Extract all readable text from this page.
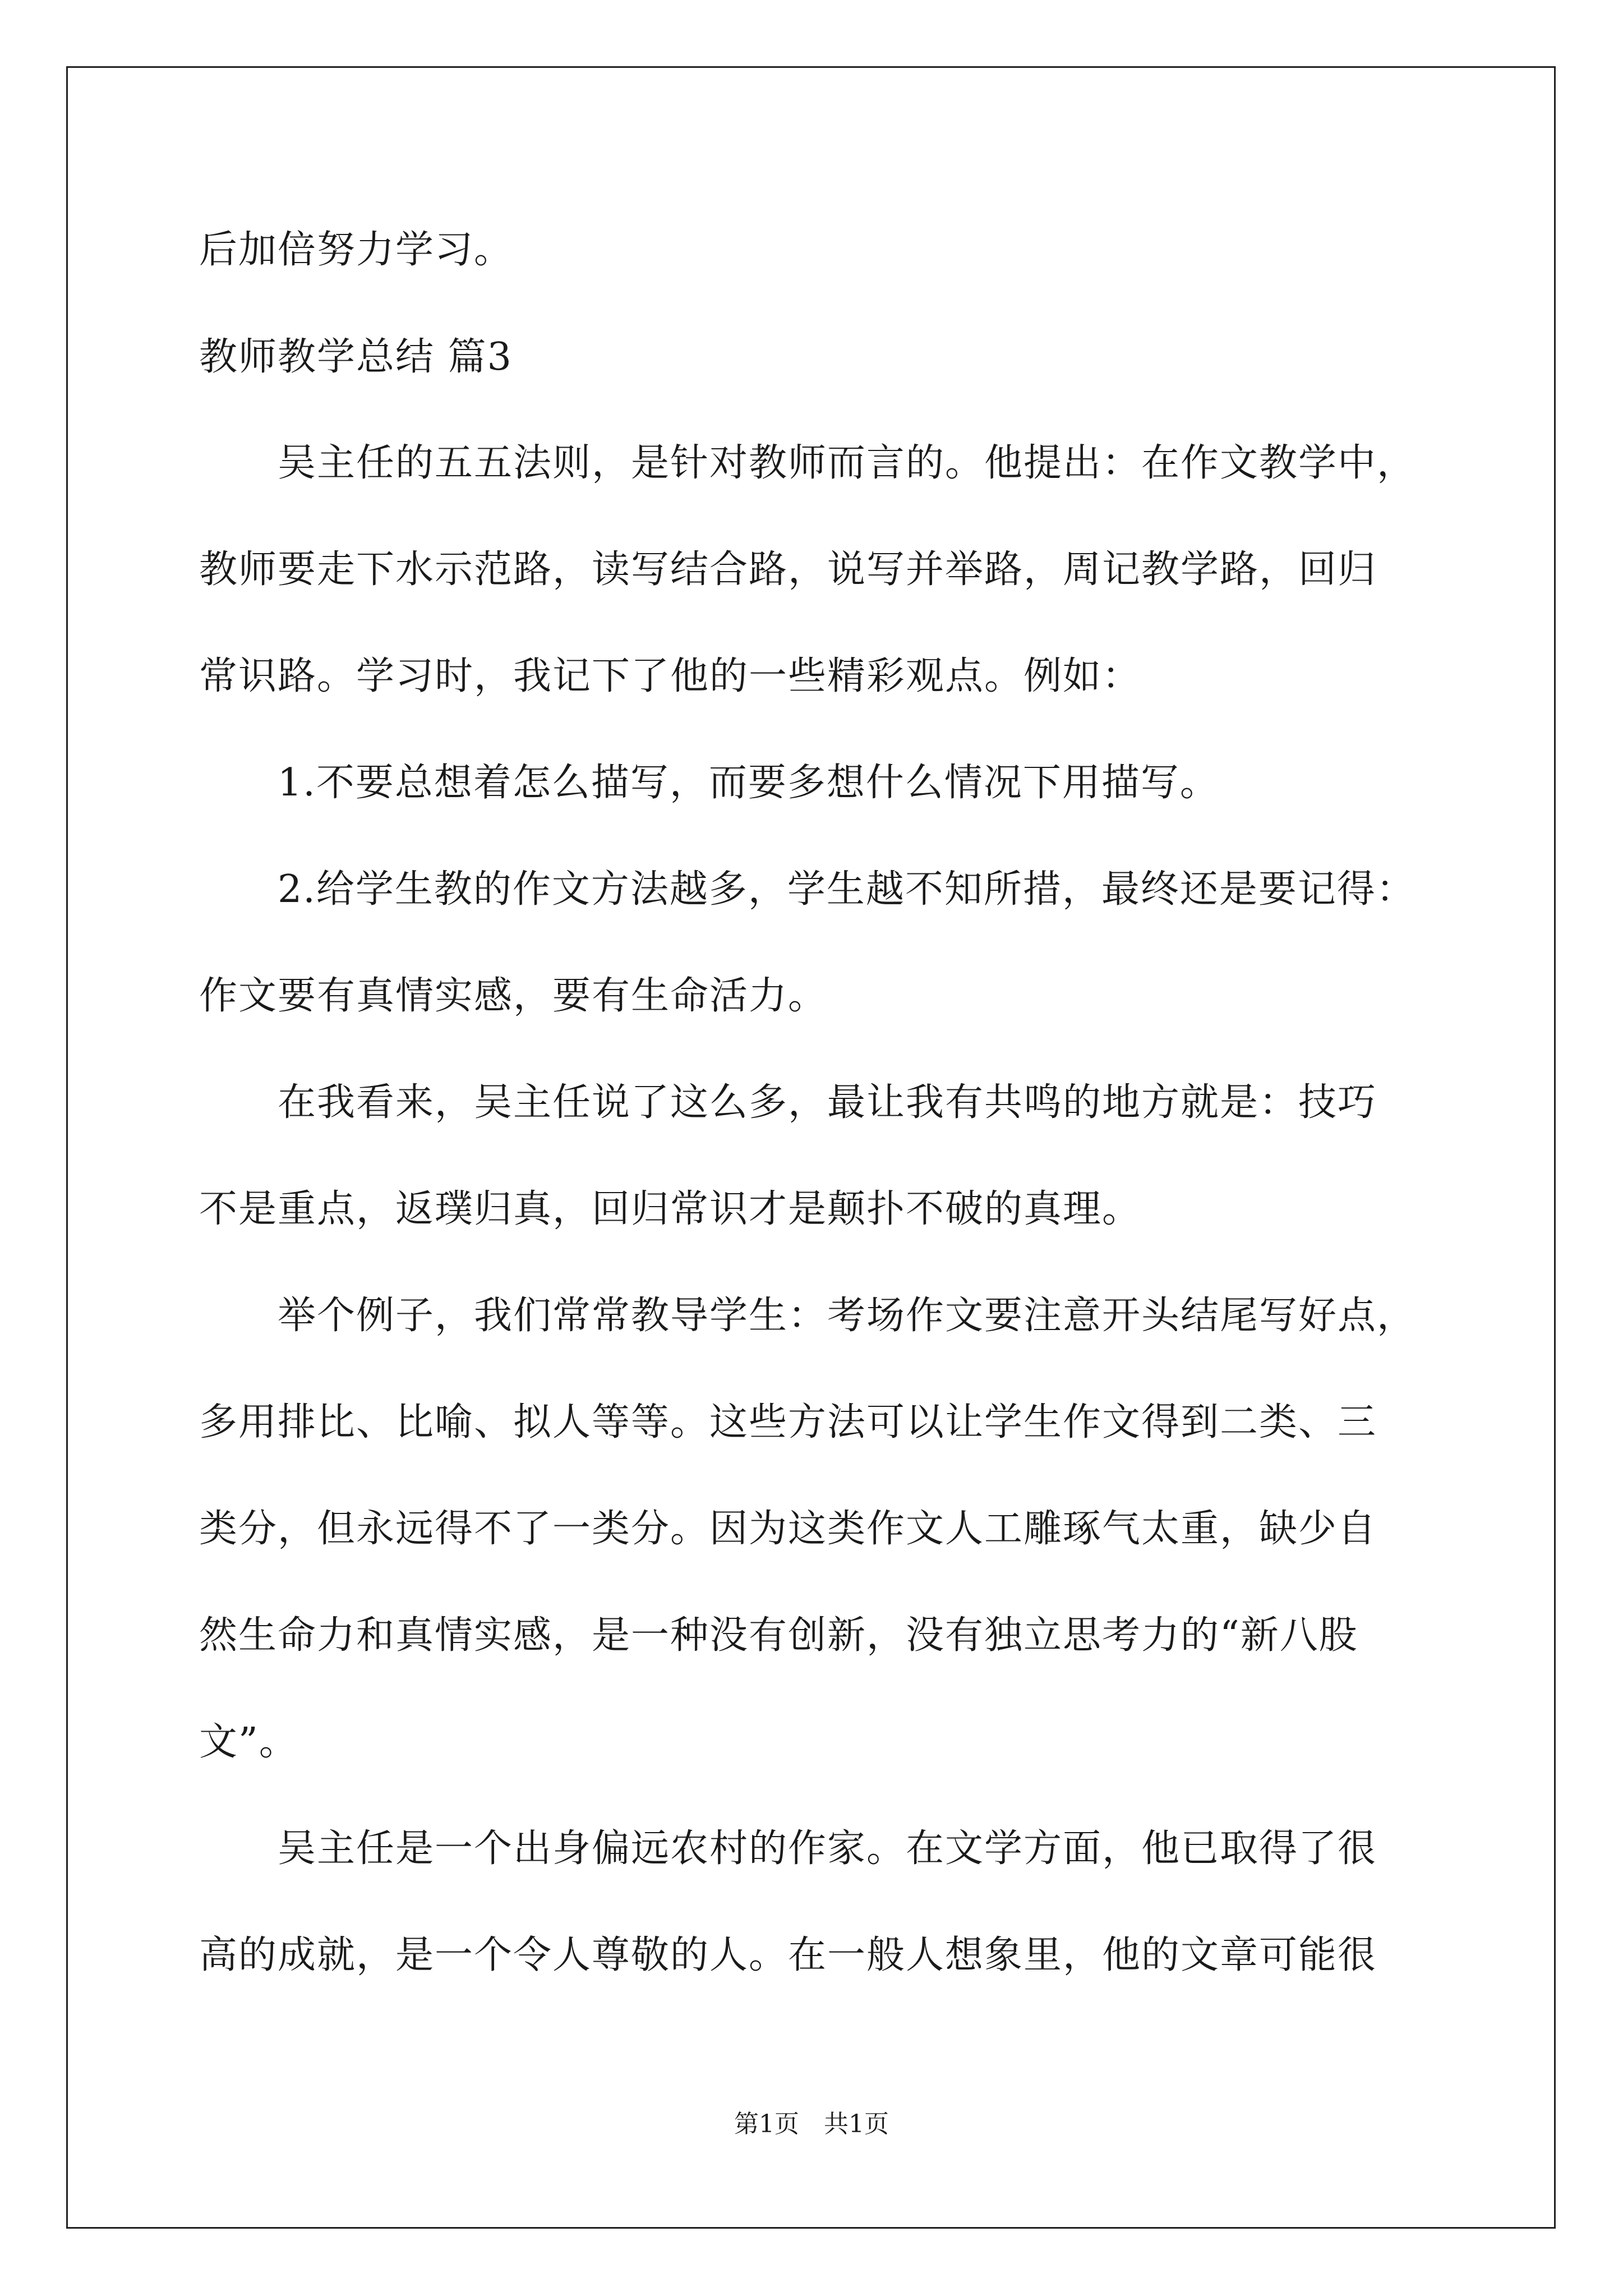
后加倍努力学习。
教师教学总结 篇3
　　吴主任的五五法则，是针对教师而言的。他提出：在作文教学中，
教师要走下水示范路，读写结合路，说写并举路，周记教学路，回归
常识路。学习时，我记下了他的一些精彩观点。例如：
　　1.不要总想着怎么描写，而要多想什么情况下用描写。
　　2.给学生教的作文方法越多，学生越不知所措，最终还是要记得：
作文要有真情实感，要有生命活力。
　　在我看来，吴主任说了这么多，最让我有共鸣的地方就是：技巧
不是重点，返璞归真，回归常识才是颠扑不破的真理。
　　举个例子，我们常常教导学生：考场作文要注意开头结尾写好点，
多用排比、比喻、拟人等等。这些方法可以让学生作文得到二类、三
类分，但永远得不了一类分。因为这类作文人工雕琢气太重，缺少自
然生命力和真情实感，是一种没有创新，没有独立思考力的“新八股
文”。
　　吴主任是一个出身偏远农村的作家。在文学方面，他已取得了很
高的成就，是一个令人尊敬的人。在一般人想象里，他的文章可能很
第1页　共1页
